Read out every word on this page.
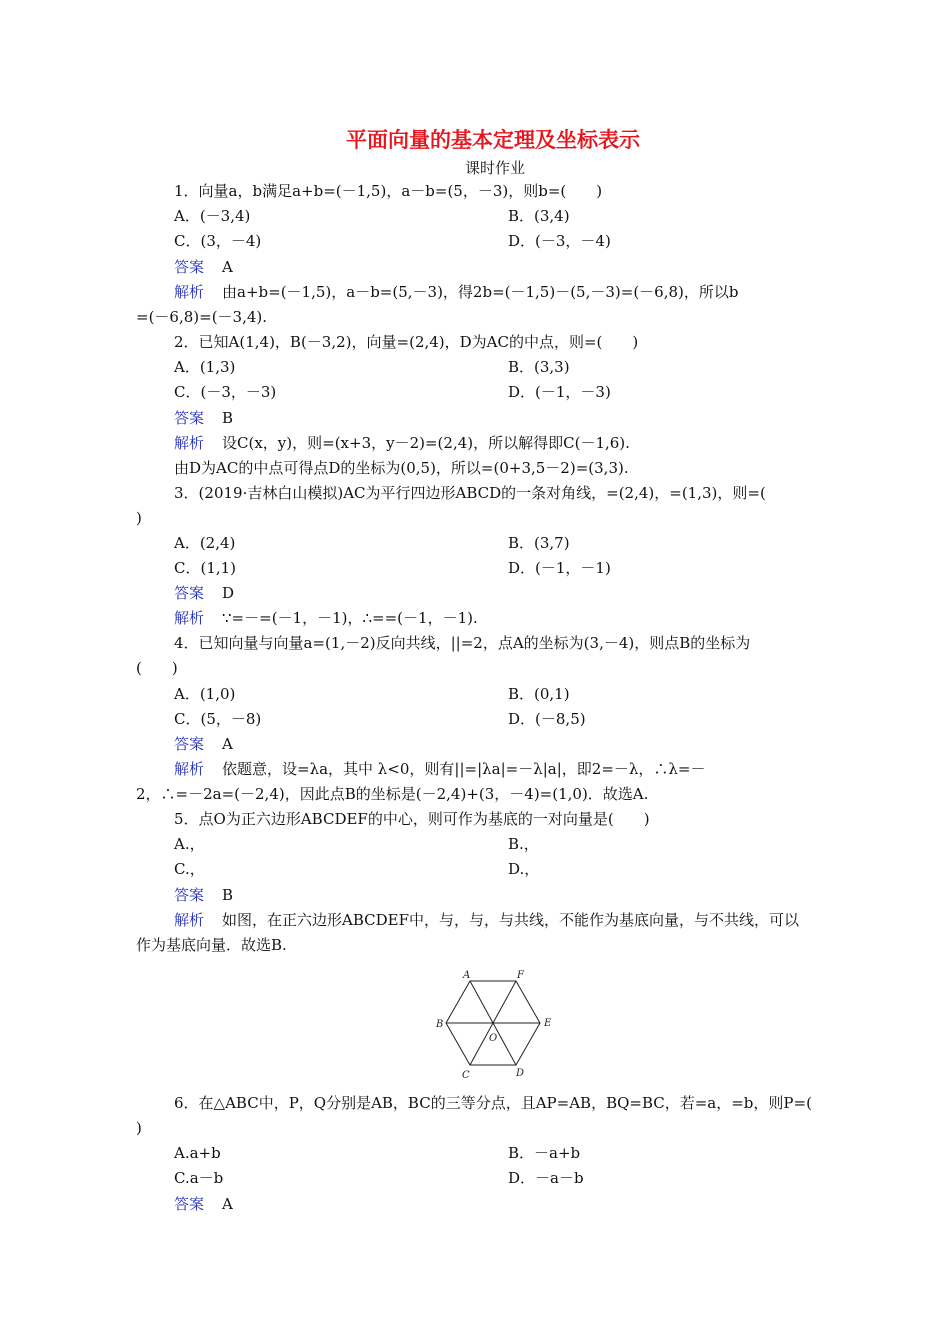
平面向量的基本定理及坐标表示
课时作业
1．向量a，b满足a+b=(－1,5)，a－b=(5，－3)，则b=(　　)
A．(－3,4)	B．(3,4)
C．(3，－4)	D．(－3，－4)
答案 A
解析 由a+b=(－1,5)，a－b=(5,－3)，得2b=(－1,5)－(5,－3)=(－6,8)，所以b
=(－6,8)=(－3,4).
2．已知A(1,4)，B(－3,2)，向量=(2,4)，D为AC的中点，则=(　　)
A．(1,3)	B．(3,3)
C．(－3，－3)	D．(－1，－3)
答案 B
解析 设C(x，y)，则=(x+3，y－2)=(2,4)，所以解得即C(－1,6).
由D为AC的中点可得点D的坐标为(0,5)，所以=(0+3,5－2)=(3,3).
3．(2019·吉林白山模拟)AC为平行四边形ABCD的一条对角线，=(2,4)，=(1,3)，则=(
)
A．(2,4)	B．(3,7)
C．(1,1)	D．(－1，－1)
答案 D
解析 ∵=－=(－1，－1)，∴==(－1，－1).
4．已知向量与向量a=(1,－2)反向共线，||=2，点A的坐标为(3,－4)，则点B的坐标为
(　　)
A．(1,0)	B．(0,1)
C．(5，－8)	D．(－8,5)
答案 A
解析 依题意，设=λa，其中 λ<0，则有||=|λa|=－λ|a|，即2=－λ，∴λ=－
2，∴=－2a=(－2,4)，因此点B的坐标是(－2,4)+(3，－4)=(1,0)．故选A.
5．点O为正六边形ABCDEF的中心，则可作为基底的一对向量是(　　)
A.，	B.，
C.，	D.，
答案 B
解析 如图，在正六边形ABCDEF中，与，与，与共线，不能作为基底向量，与不共线，可以
作为基底向量．故选B.
A	F
B	E
O
C	D
6．在△ABC中，P，Q分别是AB，BC的三等分点，且AP=AB，BQ=BC，若=a，=b，则P=(
)
A.a+b	B．－a+b
C.a－b	D．－a－b
答案 A
